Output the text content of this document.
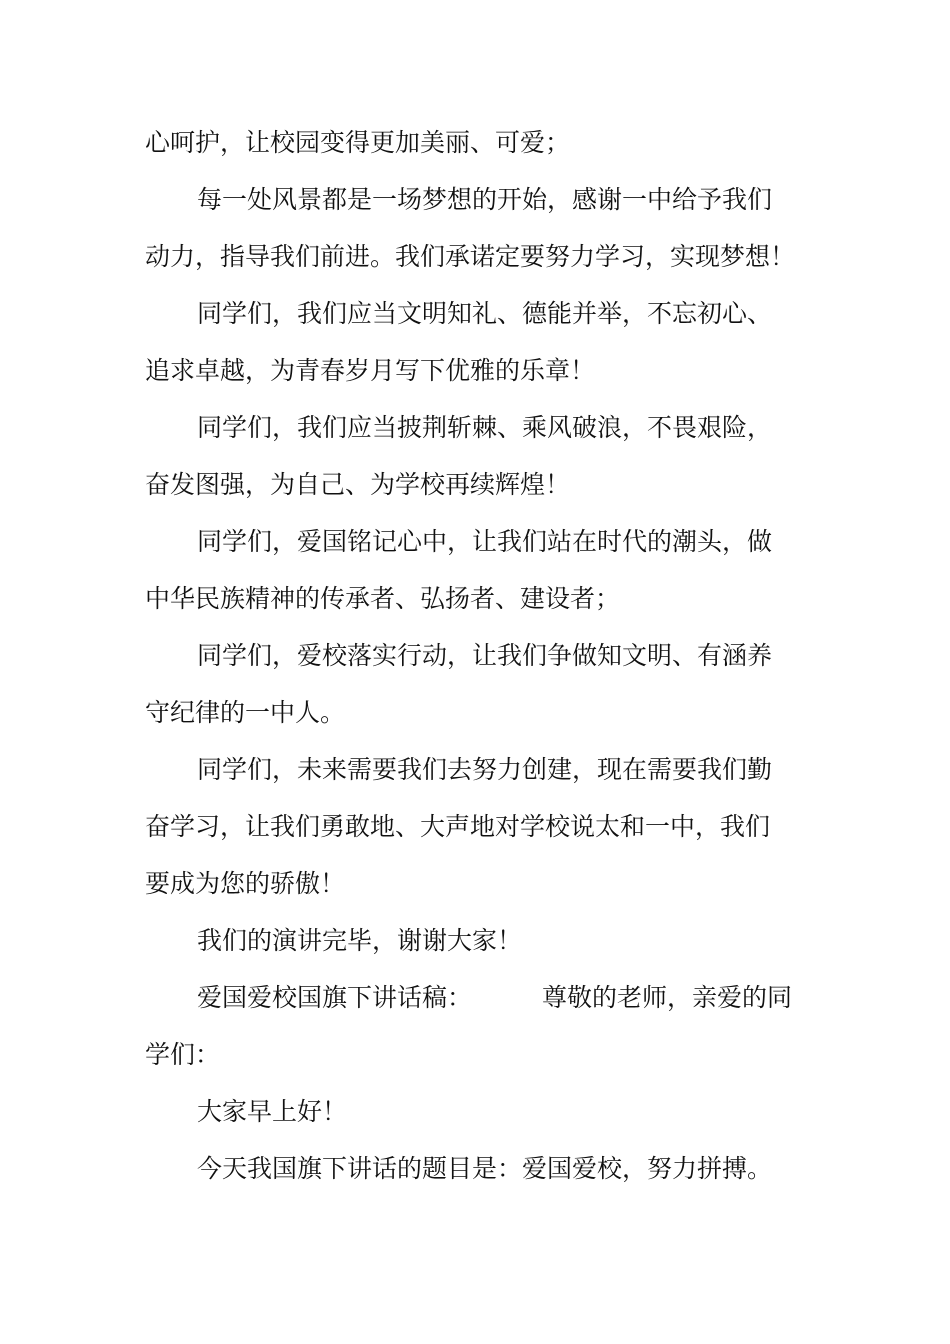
心呵护，让校园变得更加美丽、可爱；
每一处风景都是一场梦想的开始，感谢一中给予我们
动力，指导我们前进。我们承诺定要努力学习，实现梦想！
同学们，我们应当文明知礼、德能并举，不忘初心、
追求卓越，为青春岁月写下优雅的乐章！
同学们，我们应当披荆斩棘、乘风破浪，不畏艰险，
奋发图强，为自己、为学校再续辉煌！
同学们，爱国铭记心中，让我们站在时代的潮头，做
中华民族精神的传承者、弘扬者、建设者；
同学们，爱校落实行动，让我们争做知文明、有涵养
守纪律的一中人。
同学们，未来需要我们去努力创建，现在需要我们勤
奋学习，让我们勇敢地、大声地对学校说太和一中，我们
要成为您的骄傲！
我们的演讲完毕，谢谢大家！
爱国爱校国旗下讲话稿：	尊敬的老师，亲爱的同
学们：
大家早上好！
今天我国旗下讲话的题目是：爱国爱校，努力拼搏。
